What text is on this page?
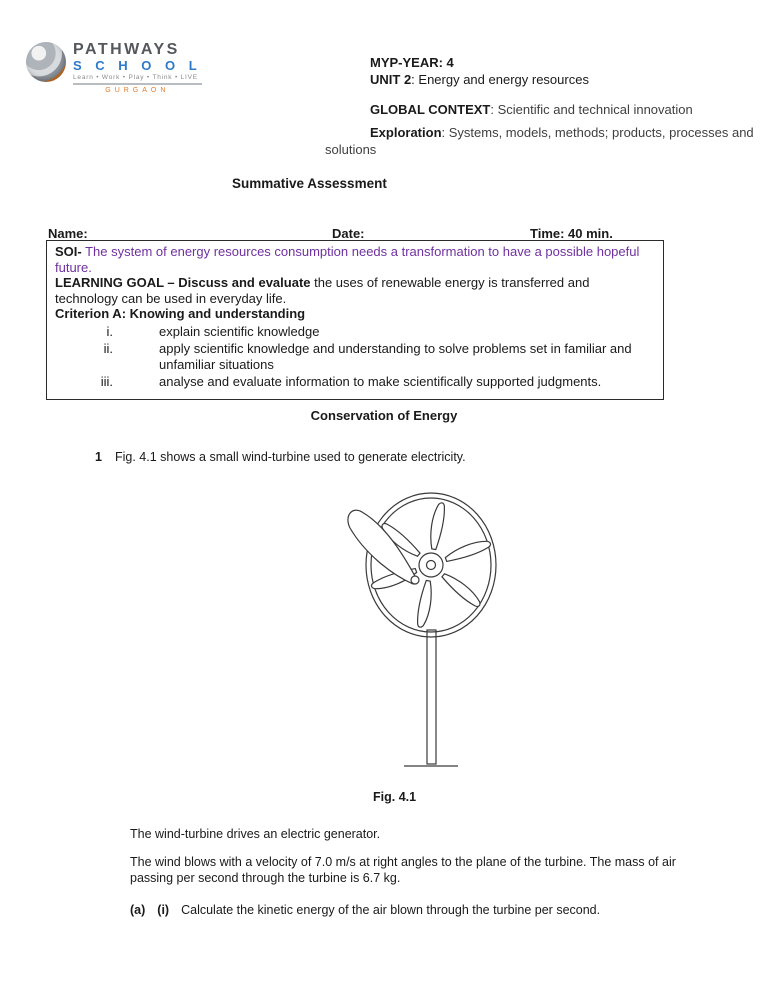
PATHWAYS
S C H O O L
Learn • Work • Play • Think • LIVE
GURGAON
MYP-YEAR: 4
UNIT 2: Energy and energy resources
GLOBAL CONTEXT: Scientific and technical innovation
Exploration: Systems, models, methods; products, processes and solutions
Summative Assessment
Name:	Date:	Time: 40 min.

SOI- The system of energy resources consumption needs a transformation to have a possible hopeful future.

LEARNING GOAL – Discuss and evaluate the uses of renewable energy is transferred and technology can be used in everyday life.

Criterion A: Knowing and understanding

i.	explain scientific knowledge
ii.	apply scientific knowledge and understanding to solve problems set in familiar and unfamiliar situations
iii.	analyse and evaluate information to make scientifically supported judgments.
Conservation of Energy
1 Fig. 4.1 shows a small wind-turbine used to generate electricity.
Fig. 4.1
The wind-turbine drives an electric generator.
The wind blows with a velocity of 7.0 m/s at right angles to the plane of the turbine. The mass of air passing per second through the turbine is 6.7 kg.
(a) (i) Calculate the kinetic energy of the air blown through the turbine per second.
